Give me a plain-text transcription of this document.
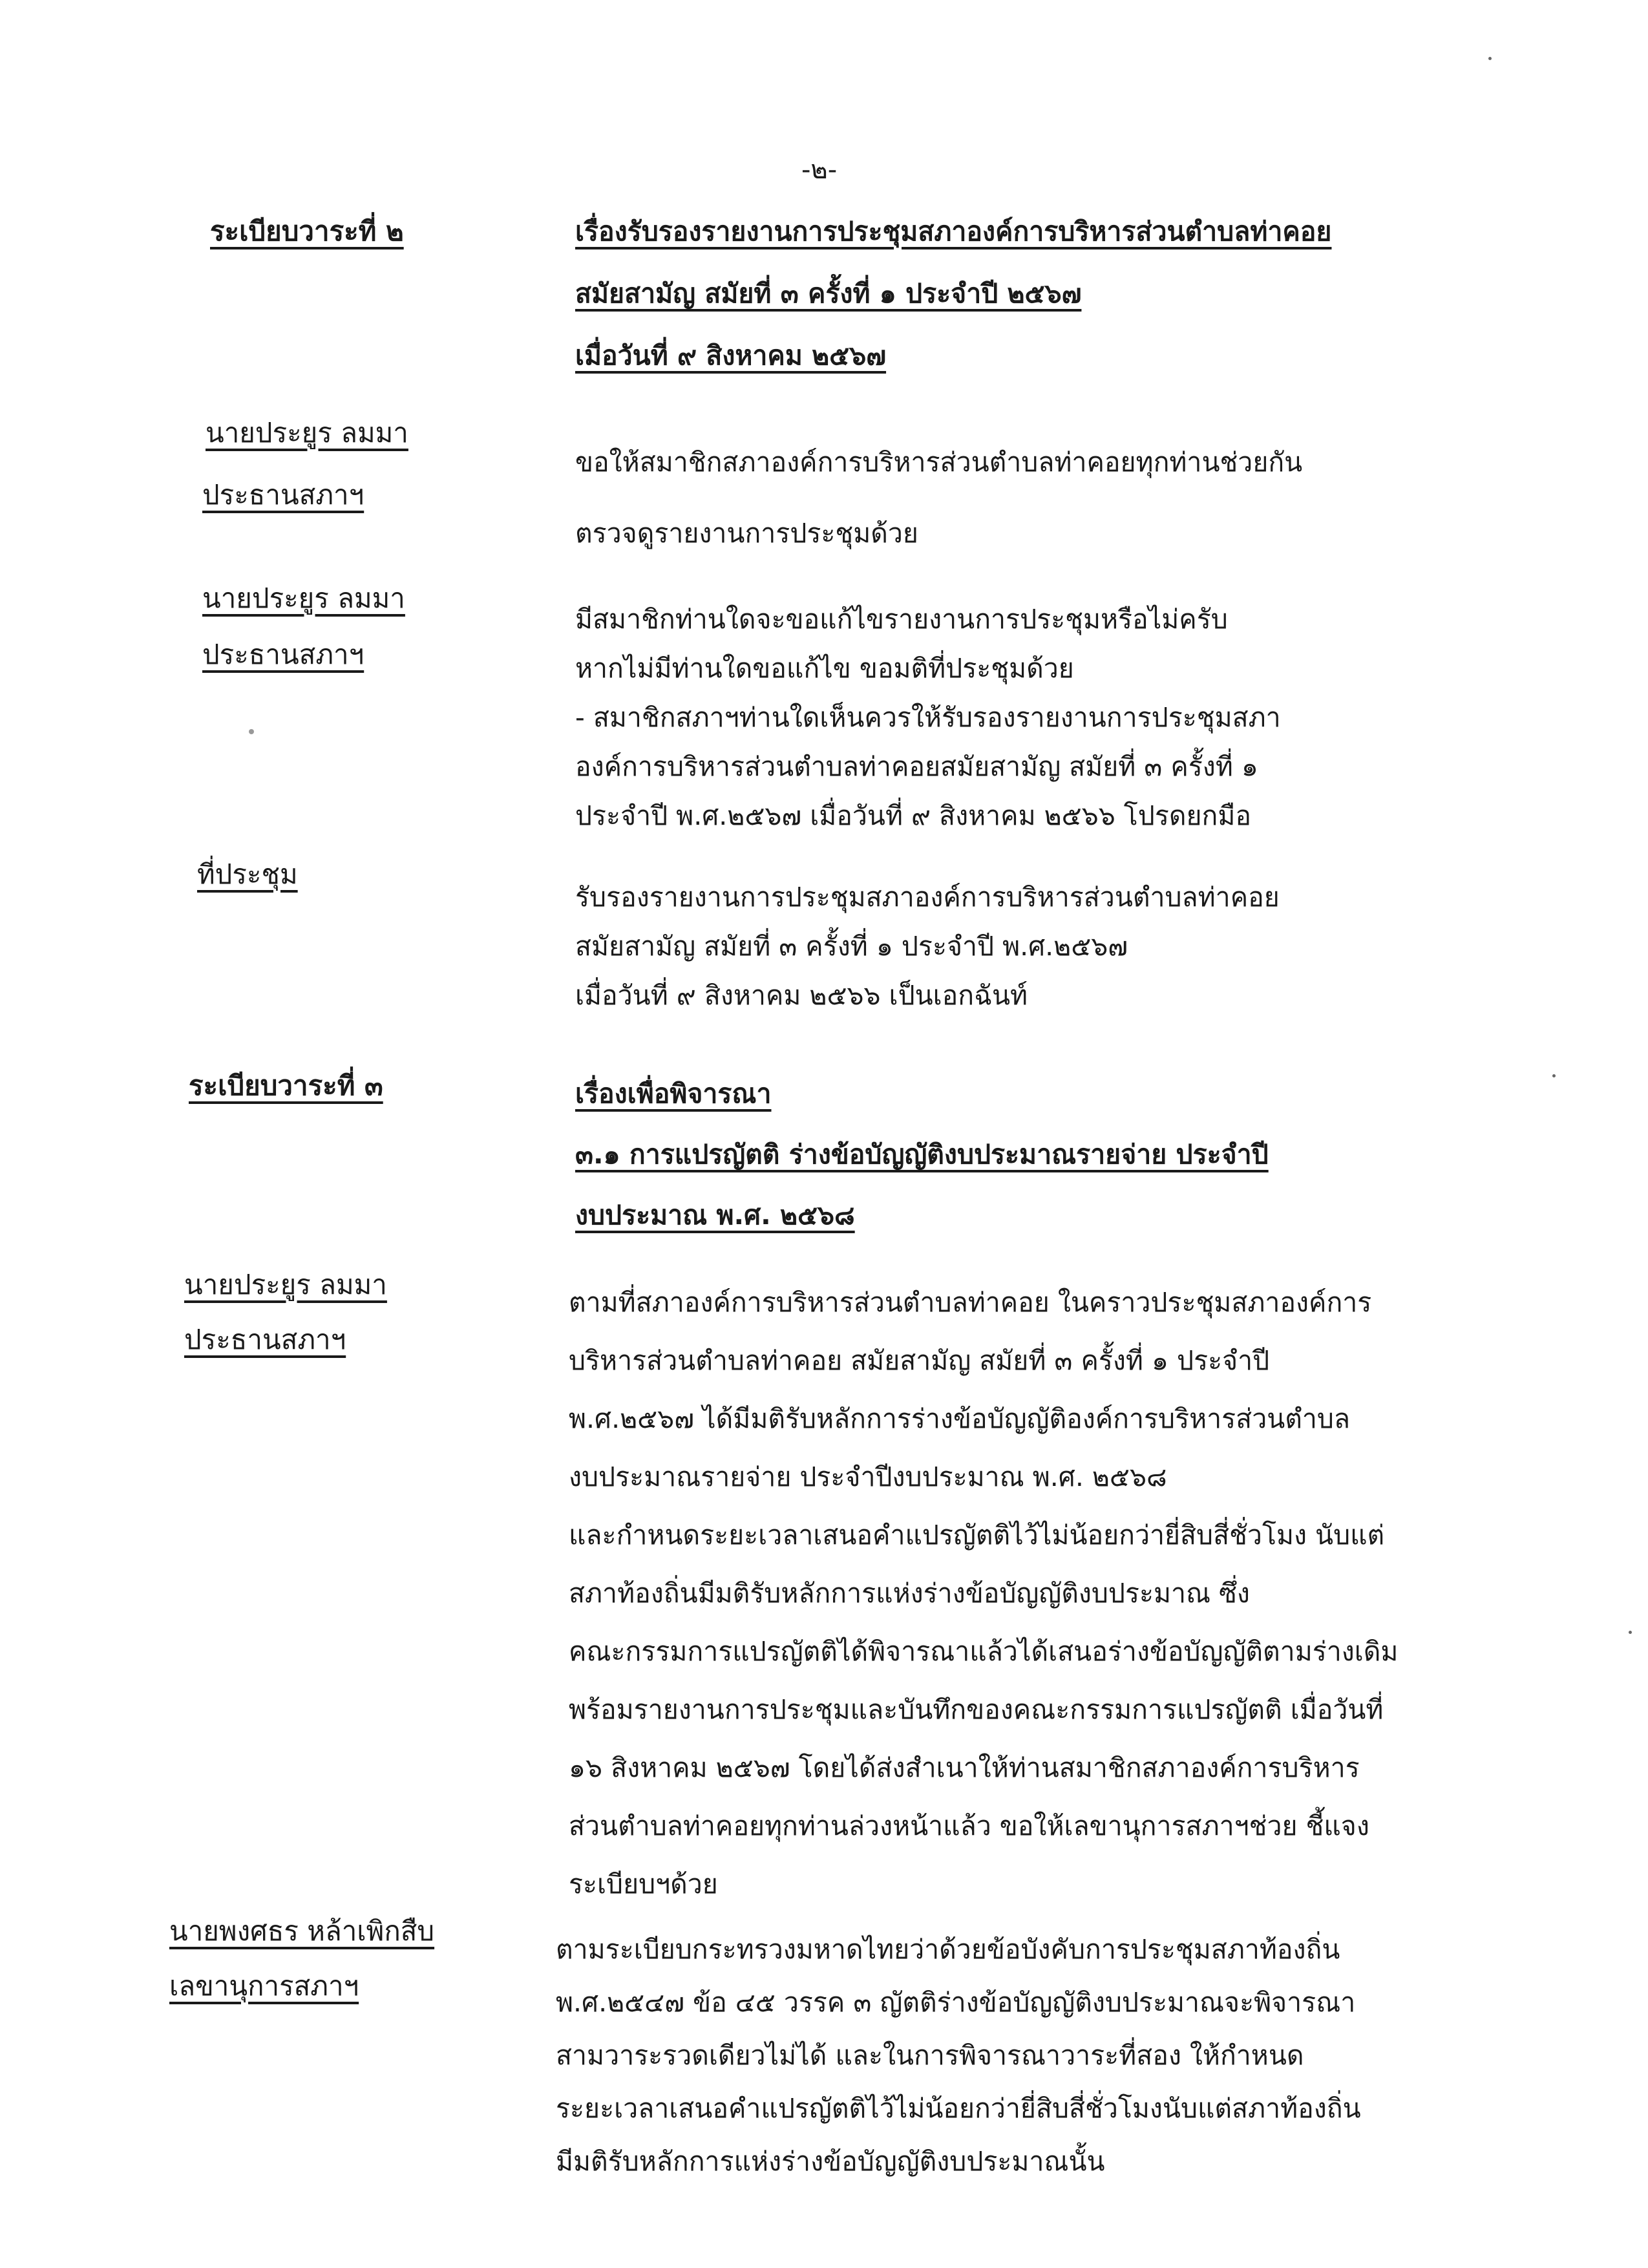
-๒-
ระเบียบวาระที่ ๒	เรื่องรับรองรายงานการประชุมสภาองค์การบริหารส่วนตำบลท่าคอย
สมัยสามัญ สมัยที่ ๓ ครั้งที่ ๑ ประจำปี ๒๕๖๗
เมื่อวันที่ ๙ สิงหาคม ๒๕๖๗
นายประยูร ลมมา
ประธานสภาฯ
ขอให้สมาชิกสภาองค์การบริหารส่วนตำบลท่าคอยทุกท่านช่วยกัน
ตรวจดูรายงานการประชุมด้วย
นายประยูร ลมมา
ประธานสภาฯ
มีสมาชิกท่านใดจะขอแก้ไขรายงานการประชุมหรือไม่ครับ
หากไม่มีท่านใดขอแก้ไข ขอมติที่ประชุมด้วย
- สมาชิกสภาฯท่านใดเห็นควรให้รับรองรายงานการประชุมสภา
องค์การบริหารส่วนตำบลท่าคอยสมัยสามัญ สมัยที่ ๓ ครั้งที่ ๑
ประจำปี พ.ศ.๒๕๖๗ เมื่อวันที่ ๙ สิงหาคม ๒๕๖๖ โปรดยกมือ
ที่ประชุม
รับรองรายงานการประชุมสภาองค์การบริหารส่วนตำบลท่าคอย
สมัยสามัญ สมัยที่ ๓ ครั้งที่ ๑ ประจำปี พ.ศ.๒๕๖๗
เมื่อวันที่ ๙ สิงหาคม ๒๕๖๖ เป็นเอกฉันท์
ระเบียบวาระที่ ๓	เรื่องเพื่อพิจารณา
๓.๑ การแปรญัตติ ร่างข้อบัญญัติงบประมาณรายจ่าย ประจำปี
งบประมาณ พ.ศ. ๒๕๖๘
นายประยูร ลมมา
ประธานสภาฯ
ตามที่สภาองค์การบริหารส่วนตำบลท่าคอย ในคราวประชุมสภาองค์การ
บริหารส่วนตำบลท่าคอย สมัยสามัญ สมัยที่ ๓ ครั้งที่ ๑ ประจำปี
พ.ศ.๒๕๖๗ ได้มีมติรับหลักการร่างข้อบัญญัติองค์การบริหารส่วนตำบล
งบประมาณรายจ่าย ประจำปีงบประมาณ พ.ศ. ๒๕๖๘
และกำหนดระยะเวลาเสนอคำแปรญัตติไว้ไม่น้อยกว่ายี่สิบสี่ชั่วโมง นับแต่
สภาท้องถิ่นมีมติรับหลักการแห่งร่างข้อบัญญัติงบประมาณ ซึ่ง
คณะกรรมการแปรญัตติได้พิจารณาแล้วได้เสนอร่างข้อบัญญัติตามร่างเดิม
พร้อมรายงานการประชุมและบันทึกของคณะกรรมการแปรญัตติ เมื่อวันที่
๑๖ สิงหาคม ๒๕๖๗ โดยได้ส่งสำเนาให้ท่านสมาชิกสภาองค์การบริหาร
ส่วนตำบลท่าคอยทุกท่านล่วงหน้าแล้ว ขอให้เลขานุการสภาฯช่วย ชี้แจง
ระเบียบฯด้วย
นายพงศธร หล้าเพิกสืบ
เลขานุการสภาฯ
ตามระเบียบกระทรวงมหาดไทยว่าด้วยข้อบังคับการประชุมสภาท้องถิ่น
พ.ศ.๒๕๔๗ ข้อ ๔๕ วรรค ๓ ญัตติร่างข้อบัญญัติงบประมาณจะพิจารณา
สามวาระรวดเดียวไม่ได้ และในการพิจารณาวาระที่สอง ให้กำหนด
ระยะเวลาเสนอคำแปรญัตติไว้ไม่น้อยกว่ายี่สิบสี่ชั่วโมงนับแต่สภาท้องถิ่น
มีมติรับหลักการแห่งร่างข้อบัญญัติงบประมาณนั้น
